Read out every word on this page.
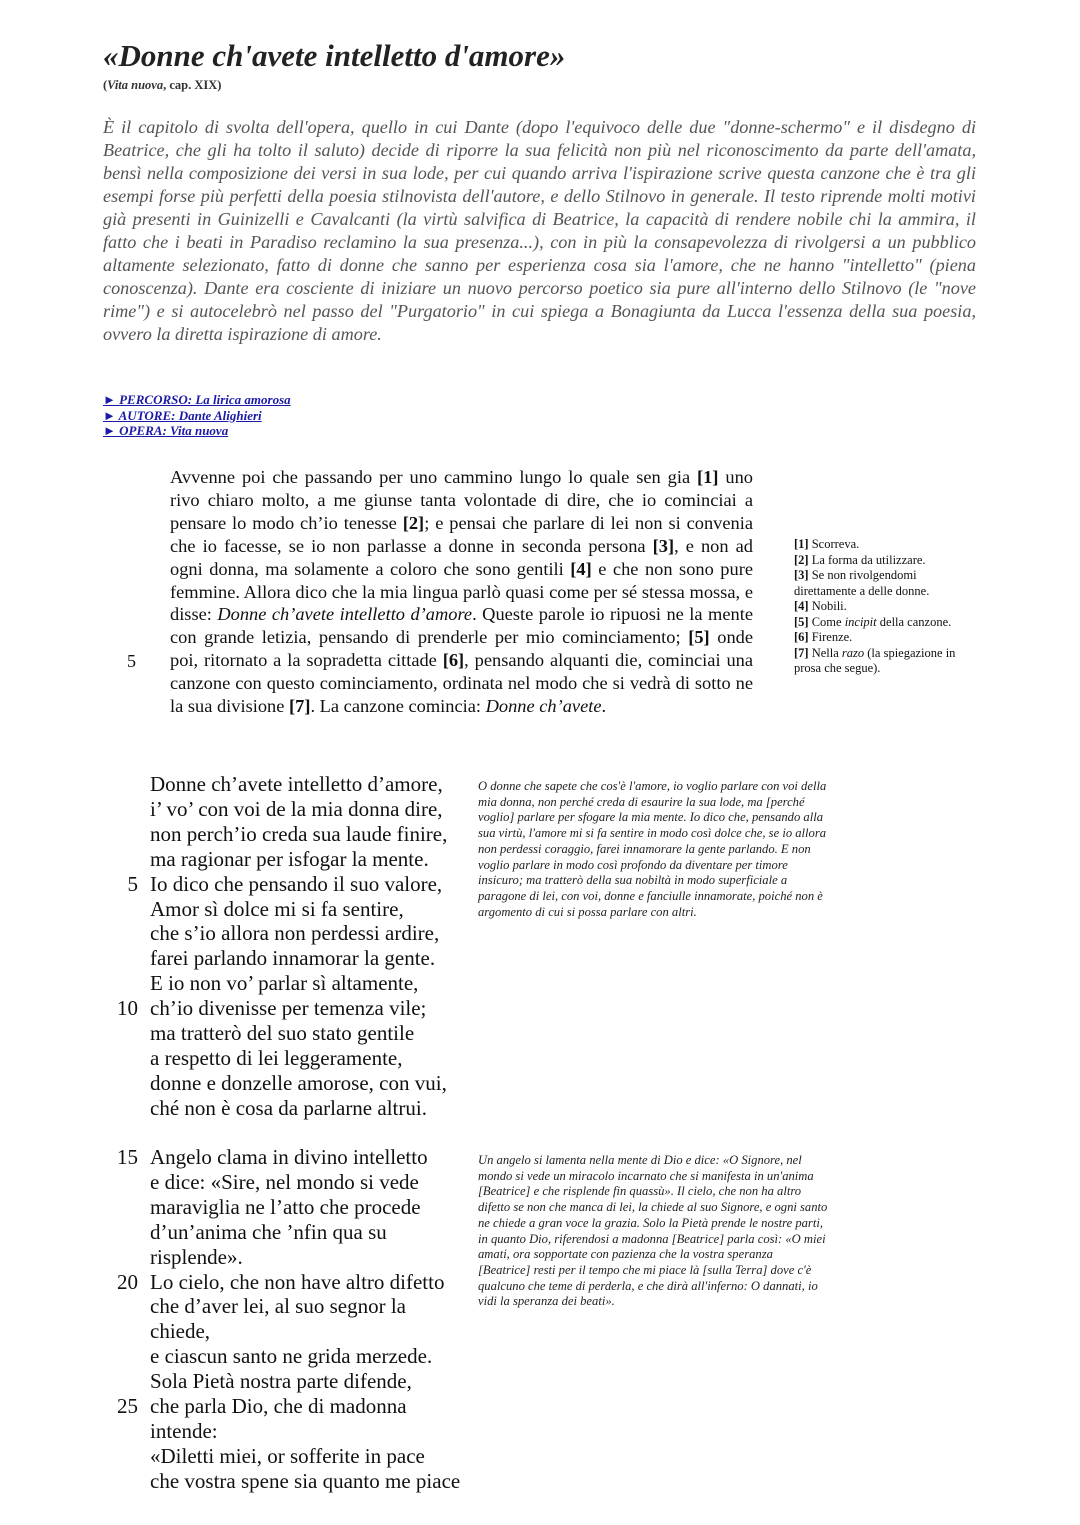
«Donne ch'avete intelletto d'amore»
(Vita nuova, cap. XIX)

È il capitolo di svolta dell'opera, quello in cui Dante (dopo l'equivoco delle due "donne-schermo" e il disdegno di Beatrice, che gli ha tolto il saluto) decide di riporre la sua felicità non più nel riconoscimento da parte dell'amata, bensì nella composizione dei versi in sua lode, per cui quando arriva l'ispirazione scrive questa canzone che è tra gli esempi forse più perfetti della poesia stilnovista dell'autore, e dello Stilnovo in generale. Il testo riprende molti motivi già presenti in Guinizelli e Cavalcanti (la virtù salvifica di Beatrice, la capacità di rendere nobile chi la ammira, il fatto che i beati in Paradiso reclamino la sua presenza...), con in più la consapevolezza di rivolgersi a un pubblico altamente selezionato, fatto di donne che sanno per esperienza cosa sia l'amore, che ne hanno "intelletto" (piena conoscenza). Dante era cosciente di iniziare un nuovo percorso poetico sia pure all'interno dello Stilnovo (le "nove rime") e si autocelebrò nel passo del "Purgatorio" in cui spiega a Bonagiunta da Lucca l'essenza della sua poesia, ovvero la diretta ispirazione di amore.

► PERCORSO: La lirica amorosa
► AUTORE: Dante Alighieri
► OPERA: Vita nuova
5

Avvenne poi che passando per uno cammino lungo lo quale sen gia [1] uno rivo chiaro molto, a me giunse tanta volontade di dire, che io cominciai a pensare lo modo ch’io tenesse [2]; e pensai che parlare di lei non si convenia che io facesse, se io non parlasse a donne in seconda persona [3], e non ad ogni donna, ma solamente a coloro che sono gentili [4] e che non sono pure femmine. Allora dico che la mia lingua parlò quasi come per sé stessa mossa, e disse: Donne ch’avete intelletto d’amore. Queste parole io ripuosi ne la mente con grande letizia, pensando di prenderle per mio cominciamento; [5] onde poi, ritornato a la sopradetta cittade [6], pensando alquanti die, cominciai una canzone con questo cominciamento, ordinata nel modo che si vedrà di sotto ne la sua divisione [7]. La canzone comincia: Donne ch’avete.

[1] Scorreva.
[2] La forma da utilizzare.
[3] Se non rivolgendomi direttamente a delle donne.
[4] Nobili.
[5] Come incipit della canzone.
[6] Firenze.
[7] Nella razo (la spiegazione in prosa che segue).
Donne ch’avete intelletto d’amore,
i’ vo’ con voi de la mia donna dire,
non perch’io creda sua laude finire,
ma ragionar per isfogar la mente.
5 Io dico che pensando il suo valore,
Amor sì dolce mi si fa sentire,
che s’io allora non perdessi ardire,
farei parlando innamorar la gente.
E io non vo’ parlar sì altamente,
10 ch’io divenisse per temenza vile;
ma tratterò del suo stato gentile
a respetto di lei leggeramente,
donne e donzelle amorose, con vui,
ché non è cosa da parlarne altrui.

O donne che sapete che cos'è l'amore, io voglio parlare con voi della mia donna, non perché creda di esaurire la sua lode, ma [perché voglio] parlare per sfogare la mia mente. Io dico che, pensando alla sua virtù, l'amore mi si fa sentire in modo così dolce che, se io allora non perdessi coraggio, farei innamorare la gente parlando. E non voglio parlare in modo così profondo da diventare per timore insicuro; ma tratterò della sua nobiltà in modo superficiale a paragone di lei, con voi, donne e fanciulle innamorate, poiché non è argomento di cui si possa parlare con altri.

15 Angelo clama in divino intelletto
e dice: «Sire, nel mondo si vede
maraviglia ne l’atto che procede
d’un’anima che ’nfin qua su
risplende».
20 Lo cielo, che non have altro difetto
che d’aver lei, al suo segnor la
chiede,
e ciascun santo ne grida merzede.
Sola Pietà nostra parte difende,
25 che parla Dio, che di madonna
intende:
«Diletti miei, or sofferite in pace
che vostra spene sia quanto me piace

Un angelo si lamenta nella mente di Dio e dice: «O Signore, nel mondo si vede un miracolo incarnato che si manifesta in un'anima [Beatrice] e che risplende fin quassù». Il cielo, che non ha altro difetto se non che manca di lei, la chiede al suo Signore, e ogni santo ne chiede a gran voce la grazia. Solo la Pietà prende le nostre parti, in quanto Dio, riferendosi a madonna [Beatrice] parla così: «O miei amati, ora sopportate con pazienza che la vostra speranza [Beatrice] resti per il tempo che mi piace là [sulla Terra] dove c'è qualcuno che teme di perderla, e che dirà all'inferno: O dannati, io vidi la speranza dei beati».
